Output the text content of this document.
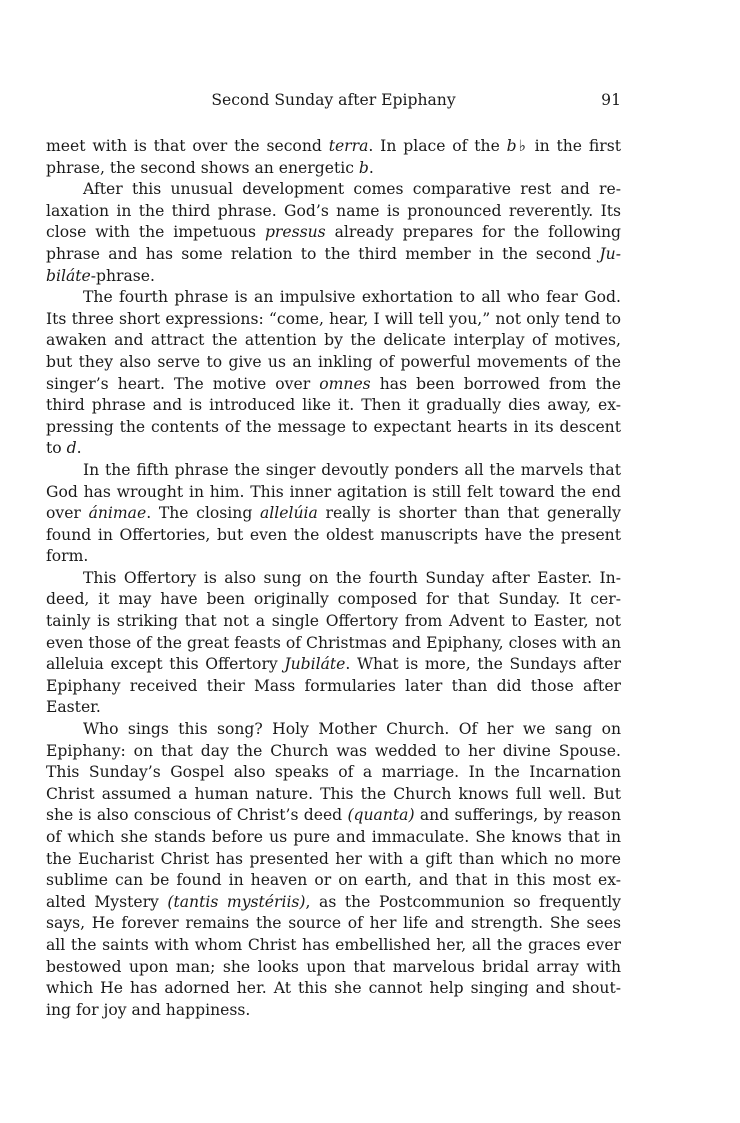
Second Sunday after Epiphany	91

meet with is that over the second terra. In place of the b♭ in the first phrase, the second shows an energetic b.

After this unusual development comes comparative rest and re-laxation in the third phrase. God’s name is pronounced reverently. Its close with the impetuous pressus already prepares for the following phrase and has some relation to the third member in the second Ju-biláte-phrase.

The fourth phrase is an impulsive exhortation to all who fear God. Its three short expressions: “come, hear, I will tell you,” not only tend to awaken and attract the attention by the delicate interplay of motives, but they also serve to give us an inkling of powerful movements of the singer’s heart. The motive over omnes has been borrowed from the third phrase and is introduced like it. Then it gradually dies away, ex-pressing the contents of the message to expectant hearts in its descent to d.

In the fifth phrase the singer devoutly ponders all the marvels that God has wrought in him. This inner agitation is still felt toward the end over ánimae. The closing allelúia really is shorter than that generally found in Offertories, but even the oldest manuscripts have the present form.

This Offertory is also sung on the fourth Sunday after Easter. In-deed, it may have been originally composed for that Sunday. It cer-tainly is striking that not a single Offertory from Advent to Easter, not even those of the great feasts of Christmas and Epiphany, closes with an alleluia except this Offertory Jubiláte. What is more, the Sundays after Epiphany received their Mass formularies later than did those after Easter.

Who sings this song? Holy Mother Church. Of her we sang on Epiphany: on that day the Church was wedded to her divine Spouse. This Sunday’s Gospel also speaks of a marriage. In the Incarnation Christ assumed a human nature. This the Church knows full well. But she is also conscious of Christ’s deed (quanta) and sufferings, by reason of which she stands before us pure and immaculate. She knows that in the Eucharist Christ has presented her with a gift than which no more sublime can be found in heaven or on earth, and that in this most ex-alted Mystery (tantis mystériis), as the Postcommunion so frequently says, He forever remains the source of her life and strength. She sees all the saints with whom Christ has embellished her, all the graces ever bestowed upon man; she looks upon that marvelous bridal array with which He has adorned her. At this she cannot help singing and shout-ing for joy and happiness.
